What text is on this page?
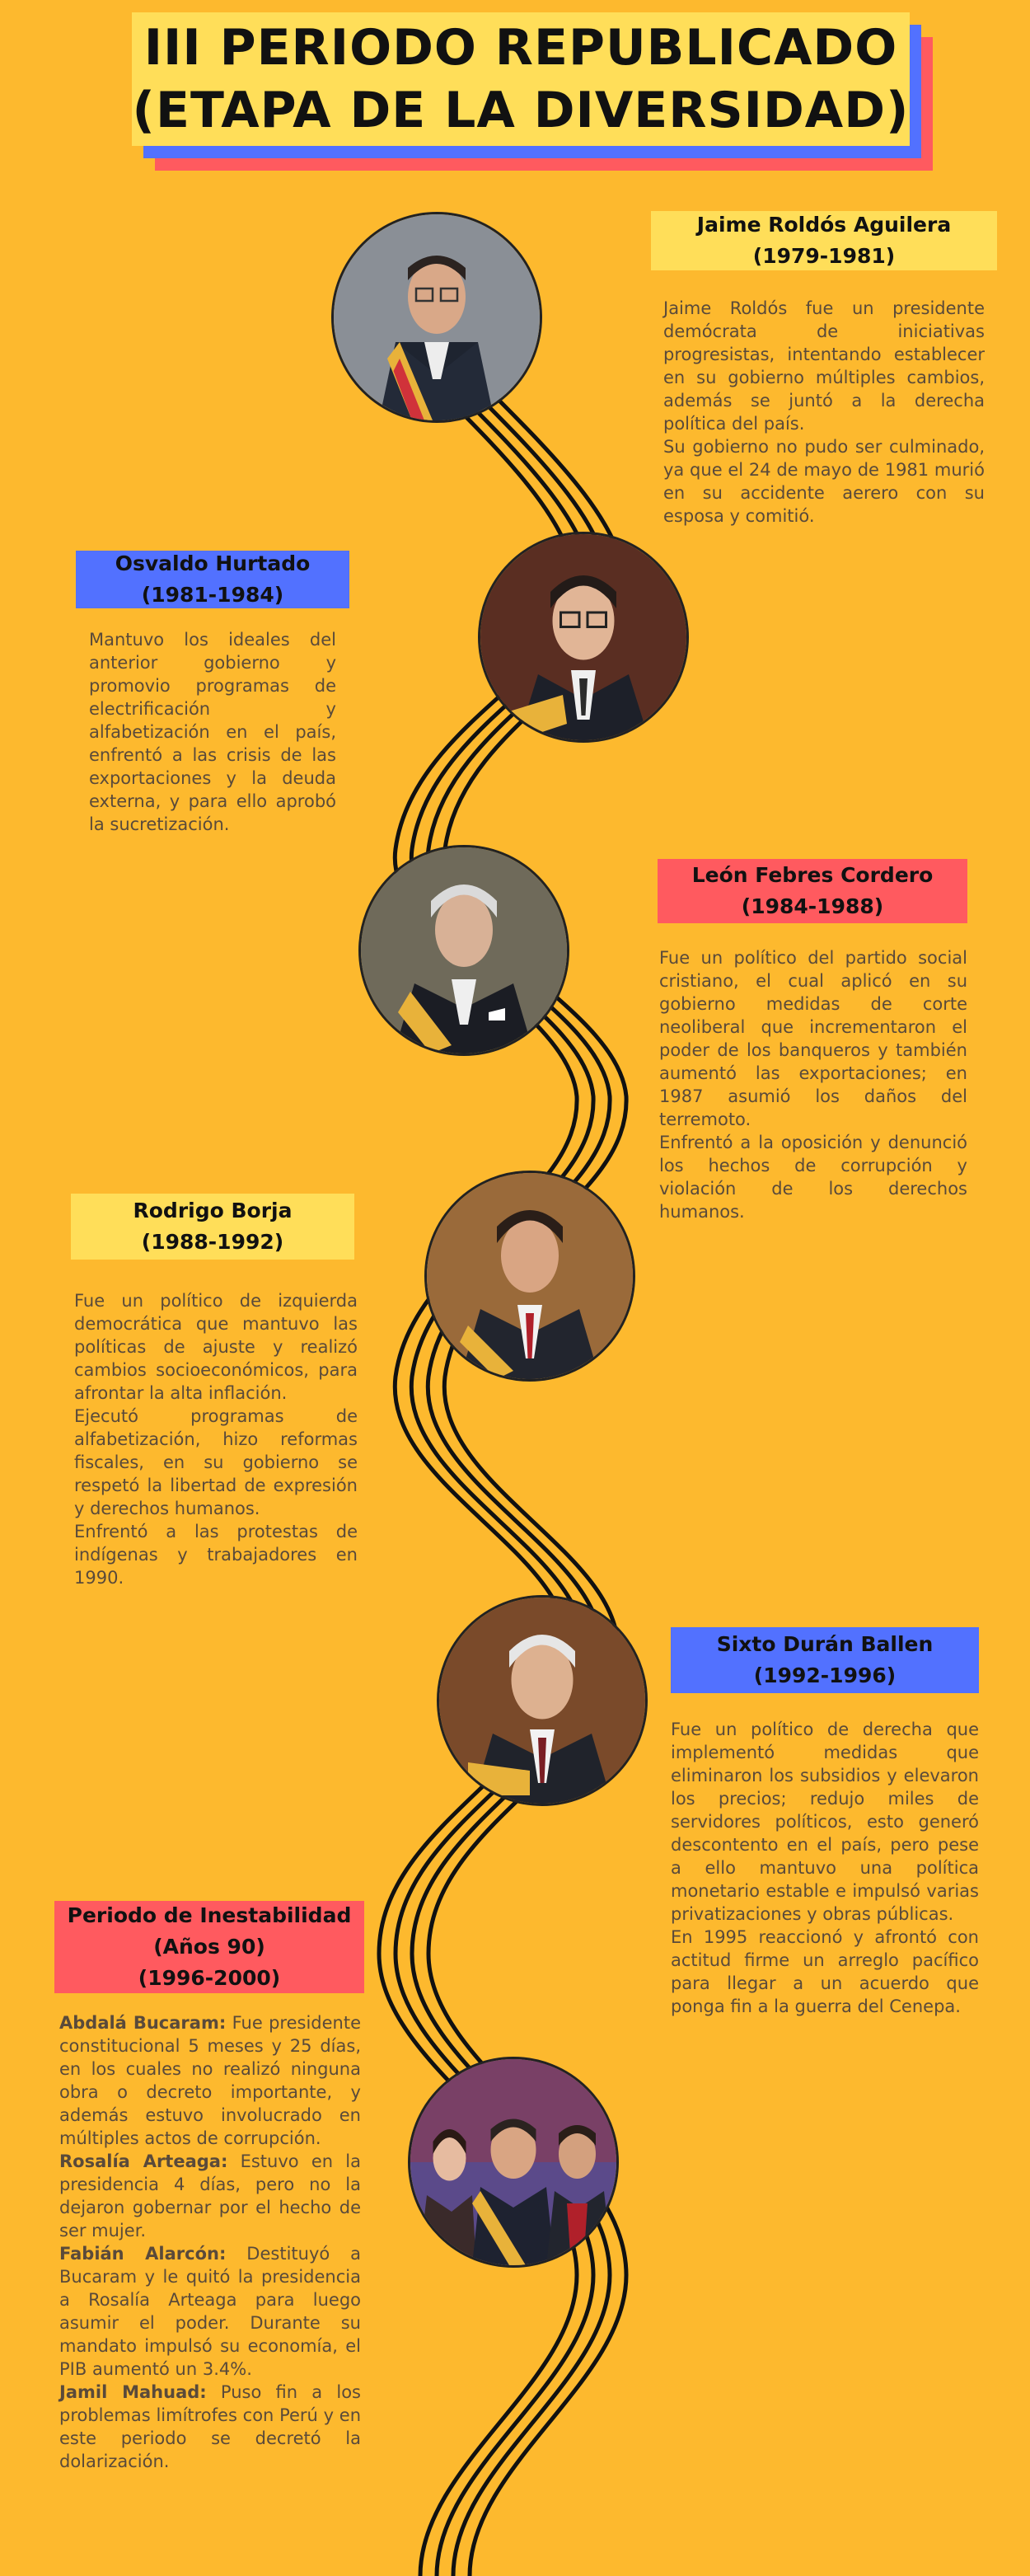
III PERIODO REPUBLICADO
(ETAPA DE LA DIVERSIDAD)
Jaime Roldós Aguilera
(1979-1981)

Jaime Roldós fue un presidente demócrata de iniciativas progresistas, intentando establecer en su gobierno múltiples cambios, además se juntó a la derecha política del país.

Su gobierno no pudo ser culminado, ya que el 24 de mayo de 1981 murió en su accidente aerero con su esposa y comitió.

Osvaldo Hurtado
(1981-1984)

Mantuvo los ideales del anterior gobierno y promovio programas de electrificación y alfabetización en el país, enfrentó a las crisis de las exportaciones y la deuda externa, y para ello aprobó la sucretización.

León Febres Cordero
(1984-1988)

Fue un político del partido social cristiano, el cual aplicó en su gobierno medidas de corte neoliberal que incrementaron el poder de los banqueros y también aumentó las exportaciones; en 1987 asumió los daños del terremoto.

Enfrentó a la oposición y denunció los hechos de corrupción y violación de los derechos humanos.

Rodrigo Borja
(1988-1992)

Fue un político de izquierda democrática que mantuvo las políticas de ajuste y realizó cambios socioeconómicos, para afrontar la alta inflación.

Ejecutó programas de alfabetización, hizo reformas fiscales, en su gobierno se respetó la libertad de expresión y derechos humanos.

Enfrentó a las protestas de indígenas y trabajadores en 1990.

Sixto Durán Ballen
(1992-1996)

Fue un político de derecha que implementó medidas que eliminaron los subsidios y elevaron los precios; redujo miles de servidores políticos, esto generó descontento en el país, pero pese a ello mantuvo una política monetario estable e impulsó varias privatizaciones y obras públicas.

En 1995 reaccionó y afrontó con actitud firme un arreglo pacífico para llegar a un acuerdo que ponga fin a la guerra del Cenepa.

Periodo de Inestabilidad
(Años 90)
(1996-2000)

Abdalá Bucaram: Fue presidente constitucional 5 meses y 25 días, en los cuales no realizó ninguna obra o decreto importante, y además estuvo involucrado en múltiples actos de corrupción.

Rosalía Arteaga: Estuvo en la presidencia 4 días, pero no la dejaron gobernar por el hecho de ser mujer.

Fabián Alarcón: Destituyó a Bucaram y le quitó la presidencia a Rosalía Arteaga para luego asumir el poder. Durante su mandato impulsó su economía, el PIB aumentó un 3.4%.

Jamil Mahuad: Puso fin a los problemas limítrofes con Perú y en este periodo se decretó la dolarización.
